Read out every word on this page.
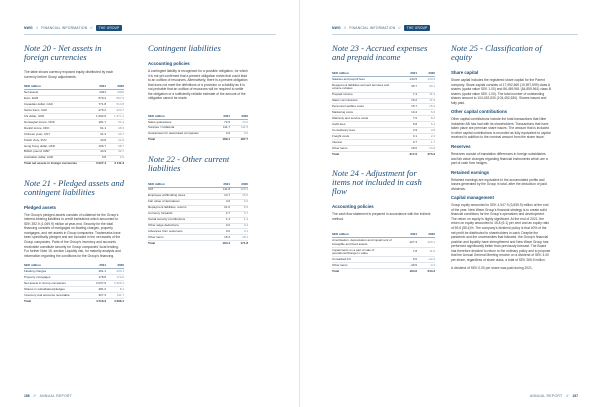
NWG // FINANCIAL INFORMATION //	THE GROUP
Note 20 - Net assets in foreign currencies
The table shows currency exposed equity distributed by each currency before Group adjustments.
SEK million	2021	2020
Net assets	2021	2020
Euro, EUR	579.4	867.0
Canadian dollar, CAD	771.8	514.8
Swiss franc, CHF	276.2	224.7
US dollar, USD	1 092.6	1 377.1
Norwegian krone, NOK	181.7	51.3
Danish krone, DKK	61.1	48.3
Chinese yuan, CNY	31.3	30.7
Polish zloty, PLN	43.8	41.8
Hong Kong dollar, HKD	106.7	98.7
British pound, GBP	44.9	42.7
Australian dollar, AUD	0.8	2.6
Total net assets in foreign currencies	3 027.4	3 111.3
Note 21 - Pledged assets and contingent liabilities
Pledged assets
The Group's pledged assets consists of collateral for the Group's interest-bearing liabilities to credit institutions which amounted to SEK 392.9 (1,069.9) million at year-end. Security for the total financing consists of mortgages on floating charges, property mortgages, and net assets in Group companies. Trademarks have been specifically pledged and are included in the net assets of the Group companies. Parts of the Group's inventory and accounts receivable constitute security for Group companies' local lending. For further Note 16, section Liquidity risk, for maturity analysis and information regarding the conditions for the Group's financing.
SEK million	2021	2020
Floating charges	491.1	493.1
Property mortgages	178.8	172.0
Net assets in Group companies	3 037.9	3 329.1
Shares in subsidiaries/pledges	481.2	8.1
Inventory and accounts receivable	327.3	311.7
Total	4 516.3	4 296.1
Contingent liabilities
Accounting policies
A contingent liability is recognised for a possible obligation, for which it is not yet confirmed that a present obligation exists that could lead to an outflow of resources. Alternatively, there is a present obligation that does not meet the definitions of a provision or a liability as it is not probable that an outflow of resources will be required to settle the obligation or a sufficiently reliable estimate of the amount of the obligation cannot be made.
SEK million	2021	2020
Sales guarantees	72.5	72.2
Sureties / Collateral	111.7	111.5
Guarantees for associated companies	4.9	4.0
Total	189.1	187.7
Note 22 - Other current liabilities
SEK million	2021	2020
VAT	111.8	109.6
Employee withholding taxes	14.7	15.0
Fair value of derivatives	4.6	3.2
Repayment liabilities, returns	21.0	8.4
Currency forwards	4.7	4.7
Social security contributions	1.4	1.4
Other wage deductions	0.2	0.4
Advances from customers	0.0	0.1
Other items	15.2	18.1
Total	164.4	171.8
156 // ANNUAL REPORT
NWG // FINANCIAL INFORMATION //	THE GROUP
Note 23 - Accrued expenses and prepaid income
SEK million	2021	2020
Salaries and payroll fees	144.5	133.6
Repayment liabilities accrued bonuses and volume rebates	35.7	30.1
Prepaid income	7.4	11.4
Sales commissions	15.2	11.9
Personnel welfare costs	15.7	15.3
Marketing costs	10.4	6.9
Warranty and service costs	7.6	8.4
Audit fees	5.8	5.4
Consultancy fees	4.9	3.8
Freight costs	3.1	2.4
Interest	0.7	1.7
Other items	18.0	14.6
Total	317.9	273.3
Note 24 - Adjustment for items not included in cash flow
Accounting policies
The cash flow statement is prepared in accordance with the indirect method.
SEK million	2021	2020
Amortisation, depreciation and impairment of intangible and fixed assets	227.3	229.1
Impairments on a part of sale of operations/change in value	7.8	11.9
Unrealised FX	9.0	-22.4
Other items	-49.5	-4.3
Total	194.6	244.3
Note 25 - Classification of equity
Share capital
Share capital includes the registered share capital for the Parent company. Share capital consists of 17,992,669 (19,597,699) class A shares (quota value SEK 1.00) and 86,459,961 (84,855,961) class B shares (quota value SEK 1.00). The total number of outstanding shares amount to 104,452,630 (104,452,630). Shares issued and fully paid.
Other capital contributions
Other capital contributions include the total transactions that Nibe Industrier AB has had with its shareholders. Transactions that have taken place are premium share issues. The amount that is included in other capital contributions is recorded as fully equivalent to capital received in addition to the nominal amount from the share issue.
Reserves
Reserves consist of translation differences in foreign subsidiaries and fair value changes regarding financial instruments which are a part of cash flow hedges.
Retained earnings
Retained earnings are equivalent to the accumulated profits and losses generated by the Group in total, after the deduction of paid dividends.
Capital management
Group equity amounted to SEK 4,947.9 (3,839.9) million at the end of the year. New Wave Group's financial strategy is to create solid financial conditions for the Group's operations and development. The return on equity is highly significant. At the end of 2021, the return on equity amounted to 15.8 (6.1) per cent and an equity ratio of 59.6 (55.4)%. The company's dividend policy is that 40% of the net profit be distributed to shareholders in cash. Despite the pandemic and the uncertainties that followed, the Group's financial position and liquidity have strengthened and New Wave Group has performed significantly better than previously forecast. The Board has therefore decided to return to the ordinary policy and to propose that the Annual General Meeting resolve on a dividend of SEK 4.00 per share, regardless of share class, a total of SEK 265.9 million.
A dividend of SEK 0.00 per share was paid during 2021.
ANNUAL REPORT // 157
